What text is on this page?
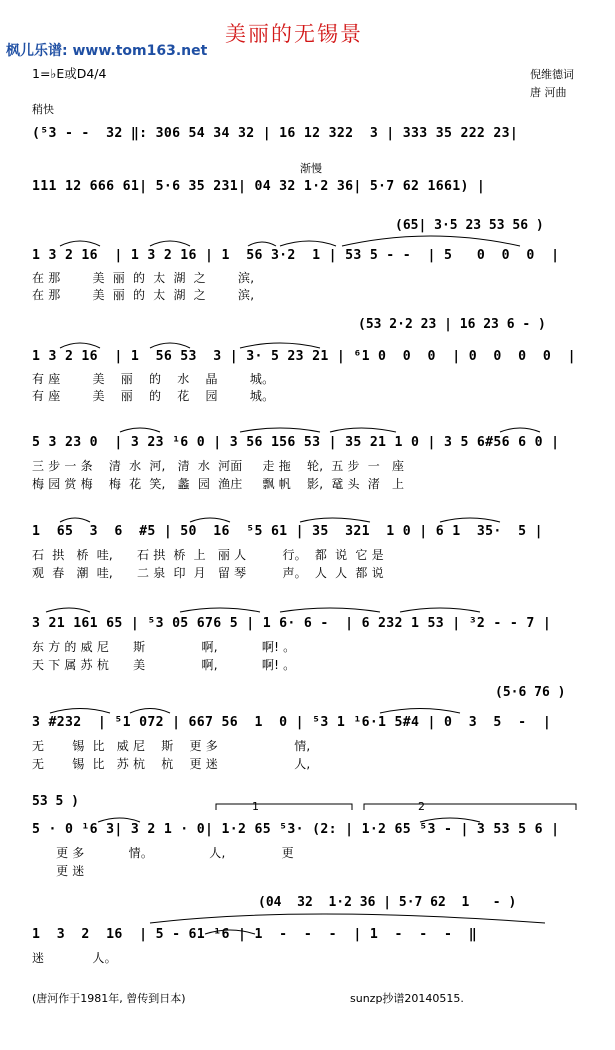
枫儿乐谱: www.tom163.net
美丽的无锡景
1=♭E或D4/4	倪维德词
唐 河曲
稍快
(⁵3 - -  32 ‖: 306 54 34 32 | 16 12 322  3 | 333 35 222 23|
渐慢
111 12 666 61| 5·6 35 231| 04 32 1·2 36| 5·7 62 1661) |
(65| 3·5 23 53 56 )
1 3 2 16  | 1 3 2 16 | 1  56 3·2  1 | 53 5 - -  | 5   0  0  0  |
在 那        美  丽  的  太  湖  之        滨,
在 那        美  丽  的  太  湖  之        滨,
(53 2·2 23 | 16 23 6 - )
1 3 2 16  | 1  56 53  3 | 3· 5 23 21 | ⁶1 0  0  0  | 0  0  0  0  |
有 座        美    丽    的    水    晶        城。
有 座        美    丽    的    花    园        城。
5 3 23 0  | 3 23 ¹6 0 | 3 56 156 53 | 35 21 1 0 | 3 5 6#56 6 0 |
三 步 一 条    清  水  河,   清  水  河面     走 拖    轮,  五 步  一   座
梅 园 赏 梅    梅  花  笑,   蠡  园  渔庄     飘 帆    影,  鼋 头  渚   上
1  65  3  6  #5 | 50  16  ⁵5 61 | 35  321  1 0 | 6 1  35·  5 |
石  拱   桥  哇,      石 拱  桥  上   丽 人         行。  都  说  它 是
观  春   潮  哇,      二 泉  印  月   留 琴         声。  人  人  都 说
3 21 161 65 | ⁵3 05 676 5 | 1 6· 6 -  | 6 232 1 53 | ³2 - - 7 |
东 方 的 威 尼      斯              啊,           啊! 。
天 下 属 苏 杭      美              啊,           啊! 。
(5·6 76 )
3 #232  | ⁵1 072 | 667 56  1  0 | ⁵3 1 ¹6·1 5#4 | 0  3  5  -  |
无       锡  比   威 尼    斯    更 多                   情,
无       锡  比   苏 杭    杭    更 迷                   人,
53 5 )	1	2
5 · 0 ¹6 3| 3 2 1 · 0| 1·2 65 ⁵3· (2: | 1·2 65 ⁵3 - | 3 53 5 6 |
更 多           情。              人,              更
更 迷
(04  32  1·2 36 | 5·7 62  1   - )
1  3  2  16  | 5 - 61 ¹6 | 1  -  -  -  | 1  -  -  -  ‖
迷            人。
(唐河作于1981年, 曾传到日本)	sunzp抄谱20140515.
